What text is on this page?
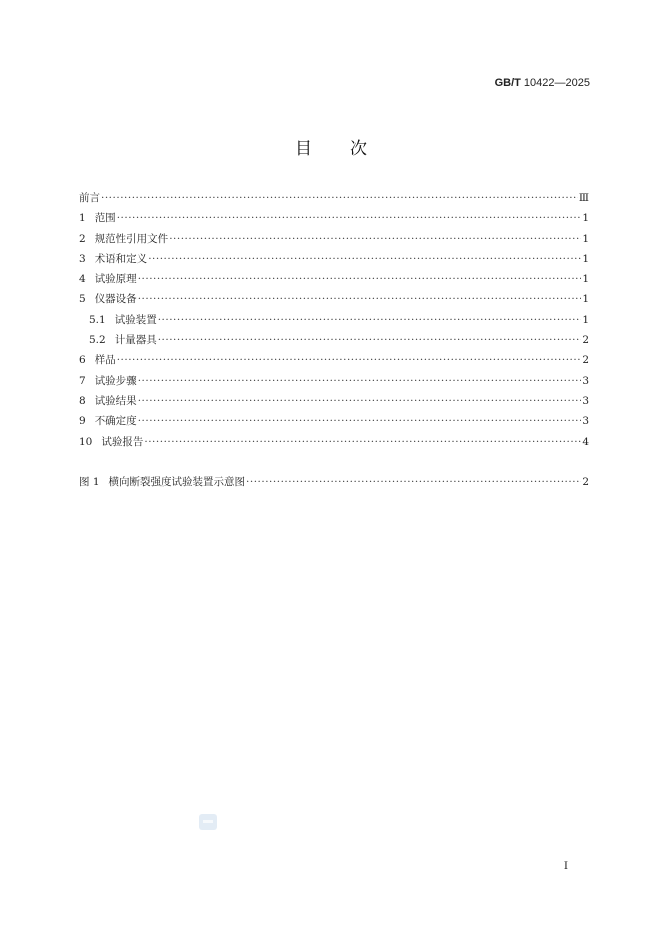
GB/T 10422—2025
目次
前言 ·····	Ⅲ
1 范围 ·····	1
2 规范性引用文件 ·····	1
3 术语和定义 ·····	1
4 试验原理 ·····	1
5 仪器设备 ·····	1
5.1 试验装置 ·····	1
5.2 计量器具 ·····	2
6 样品 ·····	2
7 试验步骤 ·····	3
8 试验结果 ·····	3
9 不确定度 ·····	3
10 试验报告 ·····	4
图 1 横向断裂强度试验装置示意图 ·····	2
I
